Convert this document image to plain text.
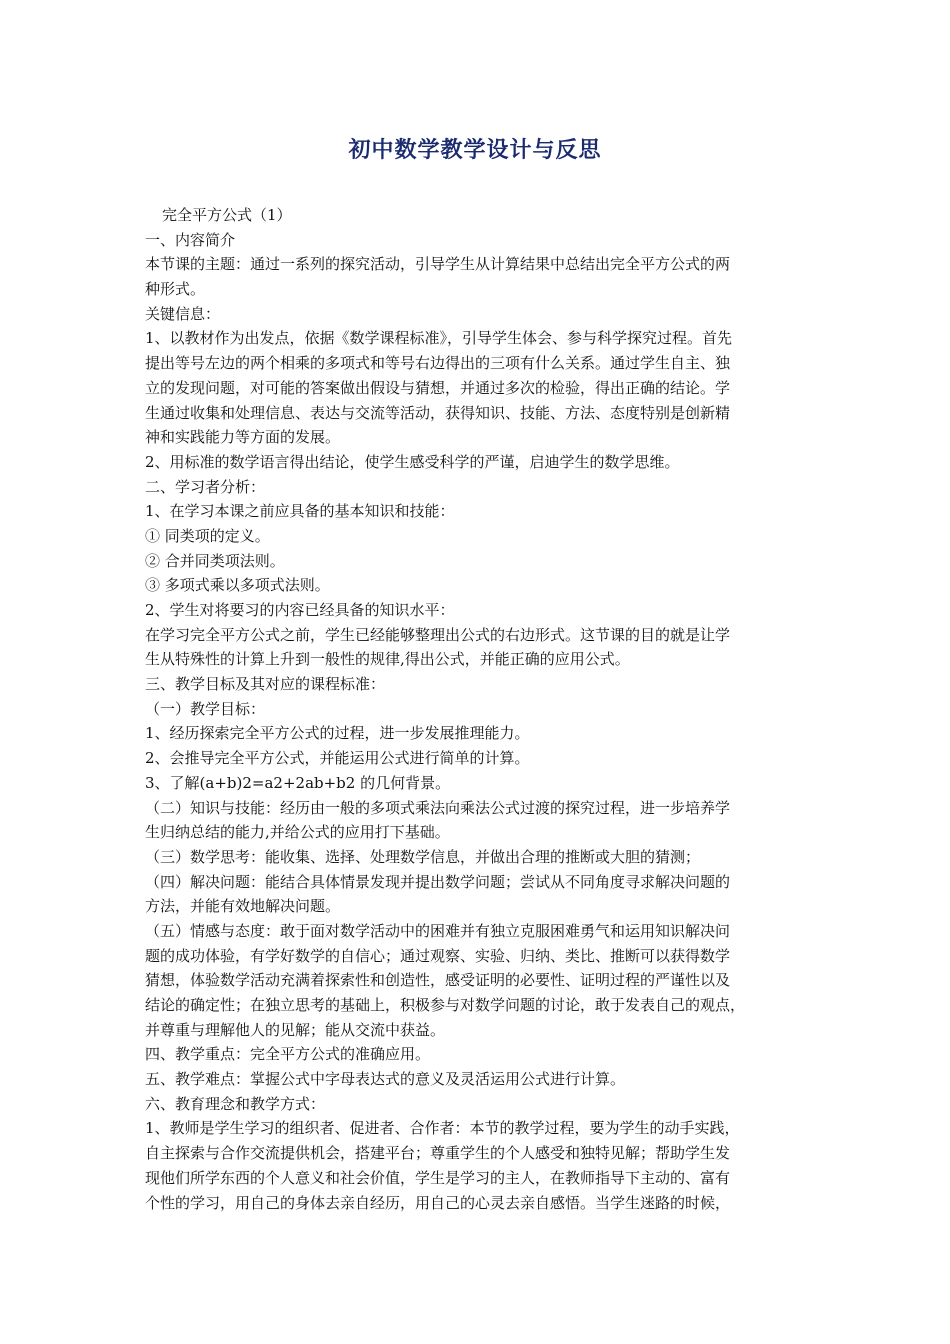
初中数学教学设计与反思
完全平方公式（1）
一、内容简介
本节课的主题：通过一系列的探究活动，引导学生从计算结果中总结出完全平方公式的两
种形式。
关键信息：
1、以教材作为出发点，依据《数学课程标准》，引导学生体会、参与科学探究过程。首先
提出等号左边的两个相乘的多项式和等号右边得出的三项有什么关系。通过学生自主、独
立的发现问题，对可能的答案做出假设与猜想，并通过多次的检验，得出正确的结论。学
生通过收集和处理信息、表达与交流等活动，获得知识、技能、方法、态度特别是创新精
神和实践能力等方面的发展。
2、用标准的数学语言得出结论，使学生感受科学的严谨，启迪学生的数学思维。
二、学习者分析：
1、在学习本课之前应具备的基本知识和技能：
① 同类项的定义。
② 合并同类项法则。
③ 多项式乘以多项式法则。
2、学生对将要习的内容已经具备的知识水平：
在学习完全平方公式之前，学生已经能够整理出公式的右边形式。这节课的目的就是让学
生从特殊性的计算上升到一般性的规律,得出公式，并能正确的应用公式。
三、教学目标及其对应的课程标准：
（一）教学目标：
1、经历探索完全平方公式的过程，进一步发展推理能力。
2、会推导完全平方公式，并能运用公式进行简单的计算。
3、了解(a+b)2=a2+2ab+b2 的几何背景。
（二）知识与技能：经历由一般的多项式乘法向乘法公式过渡的探究过程，进一步培养学
生归纳总结的能力,并给公式的应用打下基础。
（三）数学思考：能收集、选择、处理数学信息，并做出合理的推断或大胆的猜测；
（四）解决问题：能结合具体情景发现并提出数学问题；尝试从不同角度寻求解决问题的
方法，并能有效地解决问题。
（五）情感与态度：敢于面对数学活动中的困难并有独立克服困难勇气和运用知识解决问
题的成功体验，有学好数学的自信心；通过观察、实验、归纳、类比、推断可以获得数学
猜想，体验数学活动充满着探索性和创造性，感受证明的必要性、证明过程的严谨性以及
结论的确定性；在独立思考的基础上，积极参与对数学问题的讨论，敢于发表自己的观点，
并尊重与理解他人的见解；能从交流中获益。
四、教学重点：完全平方公式的准确应用。
五、教学难点：掌握公式中字母表达式的意义及灵活运用公式进行计算。
六、教育理念和教学方式：
1、教师是学生学习的组织者、促进者、合作者：本节的教学过程，要为学生的动手实践，
自主探索与合作交流提供机会，搭建平台；尊重学生的个人感受和独特见解；帮助学生发
现他们所学东西的个人意义和社会价值，学生是学习的主人，在教师指导下主动的、富有
个性的学习，用自己的身体去亲自经历，用自己的心灵去亲自感悟。当学生迷路的时候，
